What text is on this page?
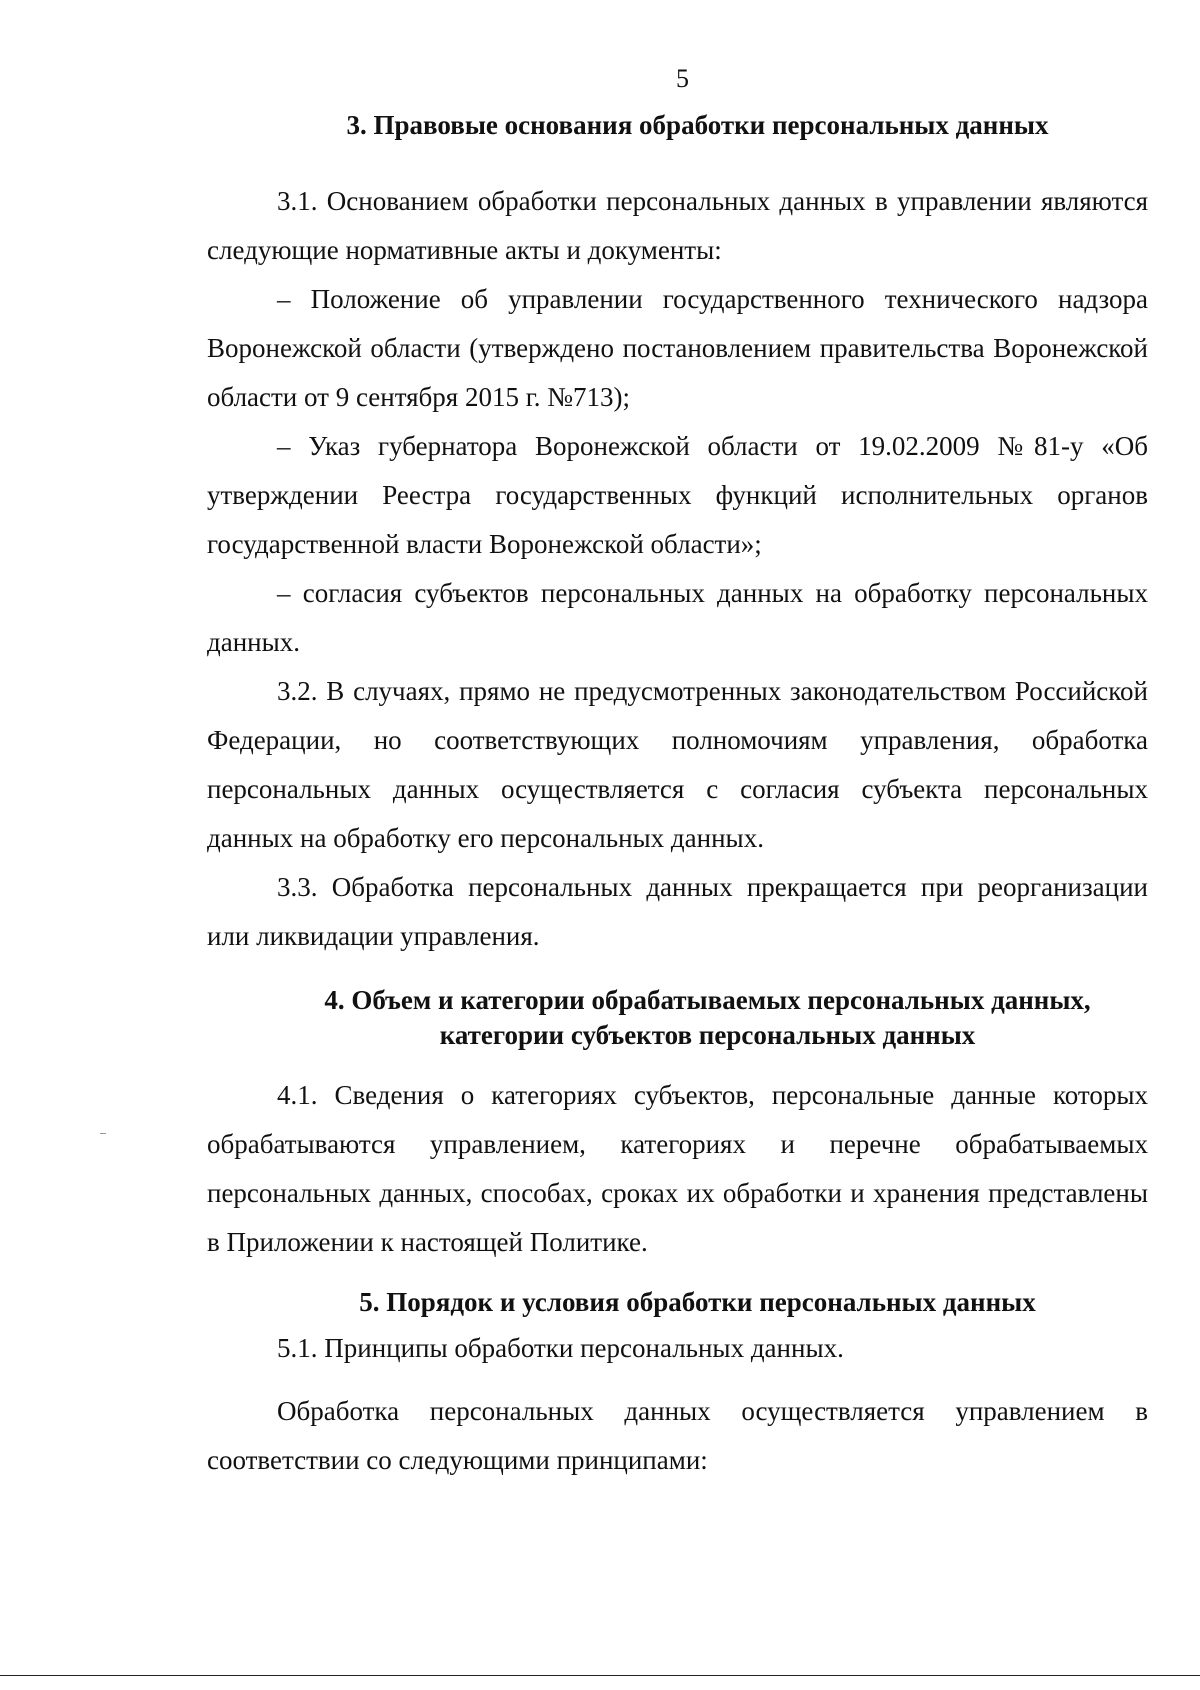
5
3. Правовые основания обработки персональных данных

3.1. Основанием обработки персональных данных в управлении являются следующие нормативные акты и документы:

– Положение об управлении государственного технического надзора Воронежской области (утверждено постановлением правительства Воронежской области от 9 сентября 2015 г. №713);

– Указ губернатора Воронежской области от 19.02.2009 №81-у «Об утверждении Реестра государственных функций исполнительных органов государственной власти Воронежской области»;

– согласия субъектов персональных данных на обработку персональных данных.

3.2. В случаях, прямо не предусмотренных законодательством Российской Федерации, но соответствующих полномочиям управления, обработка персональных данных осуществляется с согласия субъекта персональных данных на обработку его персональных данных.

3.3. Обработка персональных данных прекращается при реорганизации или ликвидации управления.

4. Объем и категории обрабатываемых персональных данных,
категории субъектов персональных данных

4.1. Сведения о категориях субъектов, персональные данные которых обрабатываются управлением, категориях и перечне обрабатываемых персональных данных, способах, сроках их обработки и хранения представлены в Приложении к настоящей Политике.

5. Порядок и условия обработки персональных данных

5.1. Принципы обработки персональных данных.

Обработка персональных данных осуществляется управлением в соответствии со следующими принципами:
